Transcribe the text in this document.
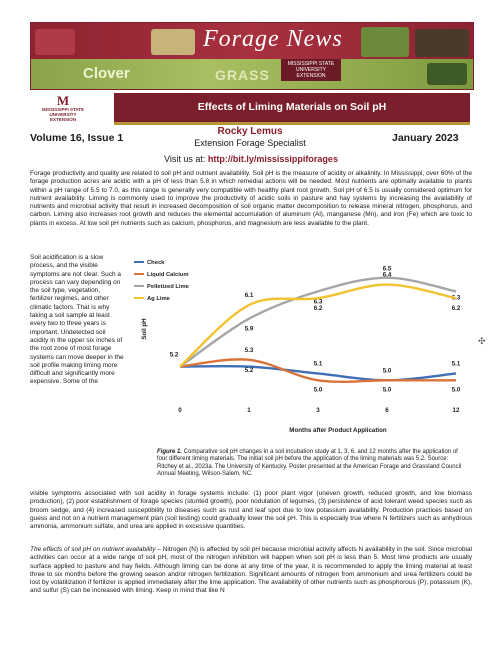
Forage News
Clover	GRASS
MISSISSIPPI STATE
UNIVERSITY
EXTENSION
M
MISSISSIPPI STATE
UNIVERSITY
EXTENSION
Effects of Liming Materials on Soil pH
Volume 16, Issue 1
Rocky Lemus
Extension Forage Specialist	January 2023
Visit us at: http://bit.ly/mississippiforages

Forage productivity and quality are related to soil pH and nutrient availability. Soil pH is the measure of acidity or alkalinity. In Mississippi, over 60% of the forage production acres are acidic with a pH of less than 5.8 in which remedial actions will be needed. Most nutrients are optimally available to plants within a pH range of 5.5 to 7.0, as this range is generally very compatible with healthy plant root growth. Soil pH of 6.5 is usually considered optimum for nutrient availability. Liming is commonly used to improve the productivity of acidic soils in pasture and hay systems by increasing the availability of nutrients and microbial activity that result in increased decomposition of soil organic matter decomposition to release mineral nitrogen, phosphorus, and carbon. Liming also increases root growth and reduces the elemental accumulation of aluminum (Al), manganese (Mn), and iron (Fe) which are toxic to plants in excess. At low soil pH nutrients such as calcium, phosphorus, and magnesium are less available to the plant.

Soil acidification is a slow process, and the visible symptoms are not clear. Such a process can vary depending on the soil type, vegetation, fertilizer regimes, and other climatic factors. That is why taking a soil sample at least every two to three years is important. Undetected soil acidity in the upper six inches of the root zone of most forage systems can move deeper in the soil profile making liming more difficult and significantly more expensive. Some of the

Soil pH
0	1	3	6	12
Months after Product Application
5.2
5.1
5.0
5.1
5.3
5.0	5.0	5.0
5.9
6.3
6.5
6.3
6.1
6.2
6.4
6.2
5.2
Check
Liquid Calcium
Pelletized Lime
Ag Lime
✣
Figure 1. Comparative soil pH changes in a soil incubation study at 1, 3, 6, and 12 months after the application of four different liming materials. The initial soil pH before the application of the liming materials was 5.2. Source: Ritchey et al., 2023a. The University of Kentucky. Poster presented at the American Forage and Grassland Council Annual Meeting, Wilson-Salem, NC.

visible symptoms associated with soil acidity in forage systems include: (1) poor plant vigor (uneven growth, reduced growth, and low biomass production), (2) poor establishment of forage species (stunted growth), poor nodulation of legumes, (3) persistence of acid tolerant weed species such as broom sedge, and (4) increased susceptibility to diseases such as rust and leaf spot due to low potassium availability. Production practices based on guess and not on a nutrient management plan (soil testing) could gradually lower the soil pH. This is especially true where N fertilizers such as anhydrous ammonia, ammonium sulfate, and urea are applied in excessive quantities.

The effects of soil pH on nutrient availability – Nitrogen (N) is affected by soil pH because microbial activity affects N availability in the soil. Since microbial activities can occur at a wide range of soil pH, most of the nitrogen inhibition will happen when soil pH is less than 5. Most lime products are usually surface applied to pasture and hay fields. Although liming can be done at any time of the year, it is recommended to apply the liming material at least three to six months before the growing season and/or nitrogen fertilization. Significant amounts of nitrogen from ammonium and urea fertilizers could be lost by volatilization if fertilizer is applied immediately after the lime application. The availability of other nutrients such as phosphorous (P), potassium (K), and sulfur (S) can be increased with liming. Keep in mind that like N
